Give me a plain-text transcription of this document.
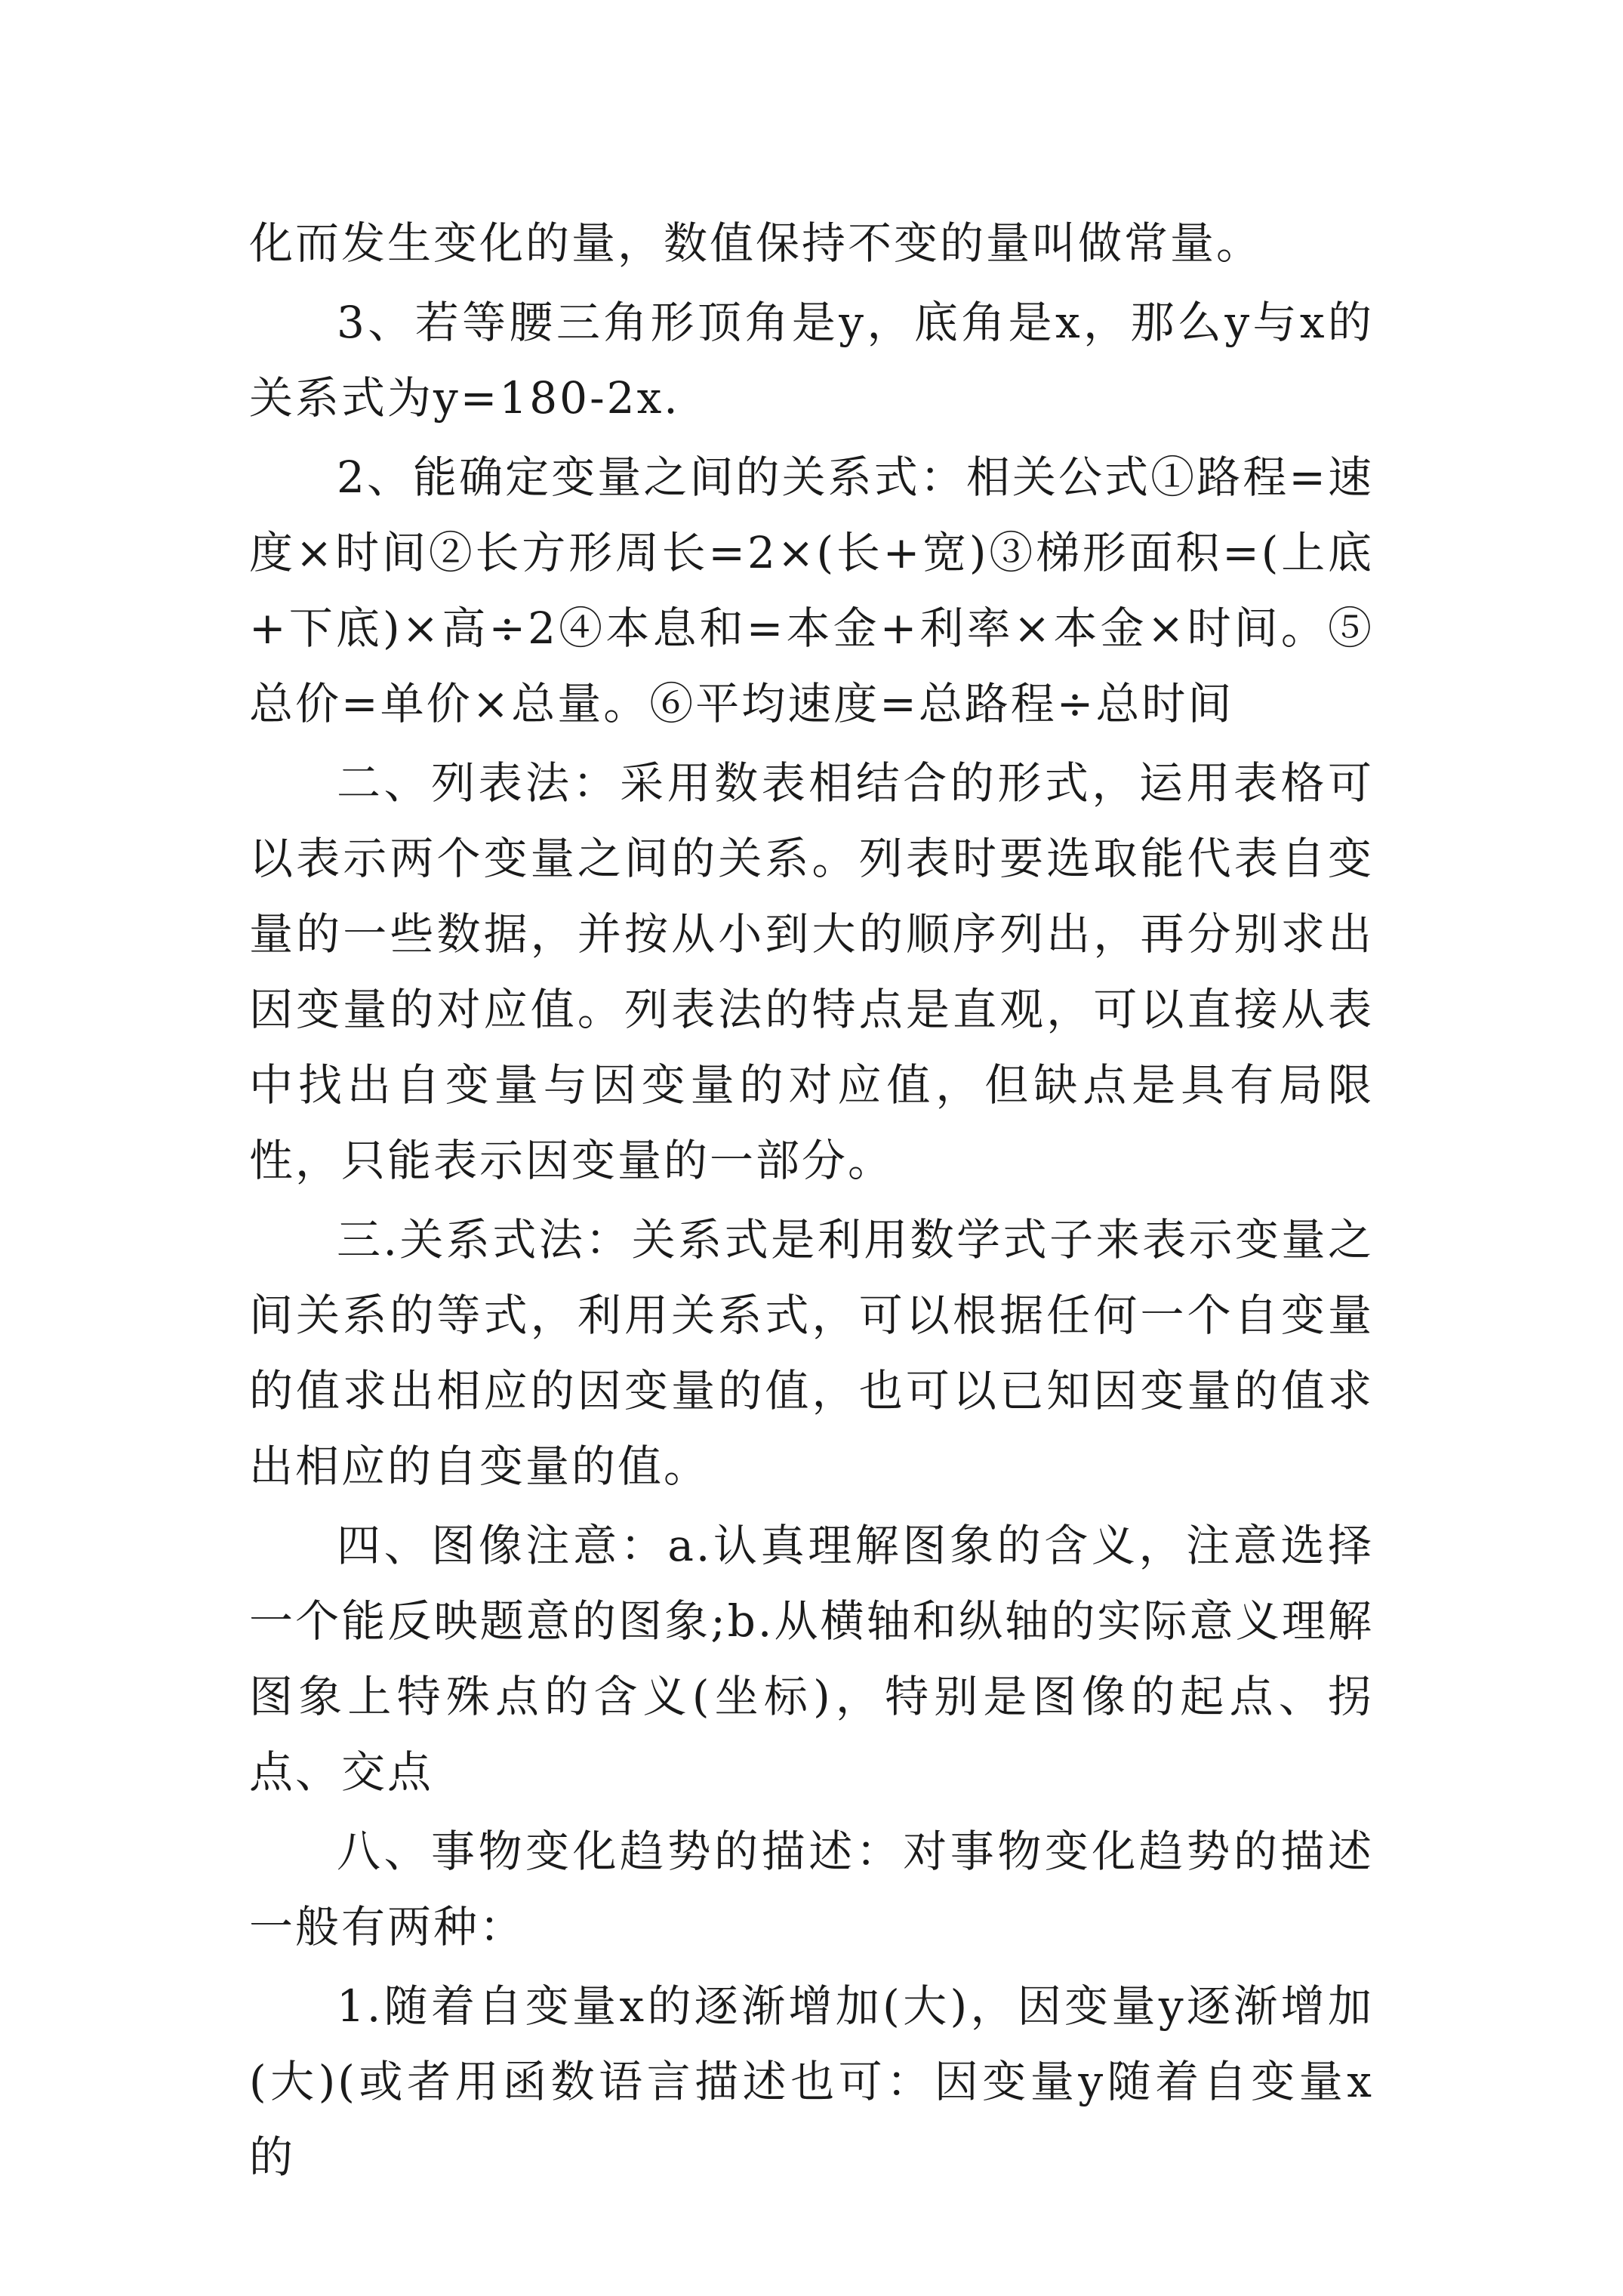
化而发生变化的量，数值保持不变的量叫做常量。

3、若等腰三角形顶角是y，底角是x，那么y与x的关系式为y=180-2x.

2、能确定变量之间的关系式：相关公式①路程=速度×时间②长方形周长=2×(长+宽)③梯形面积=(上底+下底)×高÷2④本息和=本金+利率×本金×时间。⑤总价=单价×总量。⑥平均速度=总路程÷总时间

二、列表法：采用数表相结合的形式，运用表格可以表示两个变量之间的关系。列表时要选取能代表自变量的一些数据，并按从小到大的顺序列出，再分别求出因变量的对应值。列表法的特点是直观，可以直接从表中找出自变量与因变量的对应值，但缺点是具有局限性，只能表示因变量的一部分。

三.关系式法：关系式是利用数学式子来表示变量之间关系的等式，利用关系式，可以根据任何一个自变量的值求出相应的因变量的值，也可以已知因变量的值求出相应的自变量的值。

四、图像注意：a.认真理解图象的含义，注意选择一个能反映题意的图象;b.从横轴和纵轴的实际意义理解图象上特殊点的含义(坐标)，特别是图像的起点、拐点、交点

八、事物变化趋势的描述：对事物变化趋势的描述一般有两种：

1.随着自变量x的逐渐增加(大)，因变量y逐渐增加(大)(或者用函数语言描述也可：因变量y随着自变量x的
